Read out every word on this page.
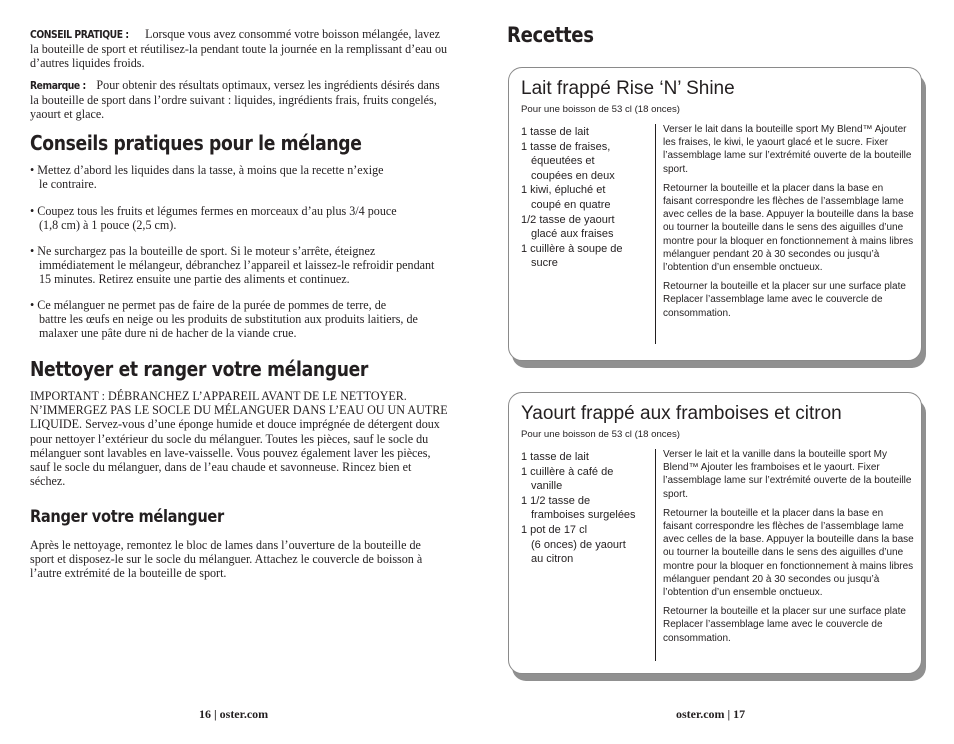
CONSEIL PRATIQUE : Lorsque vous avez consommé votre boisson mélangée, lavez la bouteille de sport et réutilisez-la pendant toute la journée en la remplissant d’eau ou d’autres liquides froids.

Remarque : Pour obtenir des résultats optimaux, versez les ingrédients désirés dans la bouteille de sport dans l’ordre suivant : liquides, ingrédients frais, fruits congelés, yaourt et glace.

Conseils pratiques pour le mélange

• Mettez d’abord les liquides dans la tasse, à moins que la recette n’exige
le contraire.

• Coupez tous les fruits et légumes fermes en morceaux d’au plus 3/4 pouce
(1,8 cm) à 1 pouce (2,5 cm).

• Ne surchargez pas la bouteille de sport. Si le moteur s’arrête, éteignez
immédiatement le mélangeur, débranchez l’appareil et laissez-le refroidir pendant 15 minutes. Retirez ensuite une partie des aliments et continuez.

• Ce mélanguer ne permet pas de faire de la purée de pommes de terre, de
battre les œufs en neige ou les produits de substitution aux produits laitiers, de malaxer une pâte dure ni de hacher de la viande crue.

Nettoyer et ranger votre mélanguer

IMPORTANT : DÉBRANCHEZ L’APPAREIL AVANT DE LE NETTOYER. N’IMMERGEZ PAS LE SOCLE DU MÉLANGUER DANS L’EAU OU UN AUTRE LIQUIDE. Servez-vous d’une éponge humide et douce imprégnée de détergent doux pour nettoyer l’extérieur du socle du mélanguer. Toutes les pièces, sauf le socle du mélanguer sont lavables en lave-vaisselle. Vous pouvez également laver les pièces, sauf le socle du mélanguer, dans de l’eau chaude et savonneuse. Rincez bien et séchez.

Ranger votre mélanguer

Après le nettoyage, remontez le bloc de lames dans l’ouverture de la bouteille de sport et disposez-le sur le socle du mélanguer. Attachez le couvercle de boisson à l’autre extrémité de la bouteille de sport.

16 | oster.com
Recettes
Lait frappé Rise ‘N’ Shine
Pour une boisson de 53 cl (18 onces)
1 tasse de lait
1 tasse de fraises,
équeutées et
coupées en deux
1 kiwi, épluché et
coupé en quatre
1/2 tasse de yaourt
glacé aux fraises
1 cuillère à soupe de
sucre

Verser le lait dans la bouteille sport My Blend™ Ajouter les fraises, le kiwi, le yaourt glacé et le sucre. Fixer l’assemblage lame sur l’extrémité ouverte de la bouteille sport.

Retourner la bouteille et la placer dans la base en faisant correspondre les flèches de l’assemblage lame avec celles de la base. Appuyer la bouteille dans la base ou tourner la bouteille dans le sens des aiguilles d’une montre pour la bloquer en fonctionnement à mains libres mélanguer pendant 20 à 30 secondes ou jusqu’à l’obtention d’un ensemble onctueux.

Retourner la bouteille et la placer sur une surface plate Replacer l’assemblage lame avec le couvercle de consommation.

Yaourt frappé aux framboises et citron
Pour une boisson de 53 cl (18 onces)
1 tasse de lait
1 cuillère à café de
vanille
1 1/2 tasse de
framboises surgelées
1 pot de 17 cl
(6 onces) de yaourt
au citron

Verser le lait et la vanille dans la bouteille sport My Blend™ Ajouter les framboises et le yaourt. Fixer l’assemblage lame sur l’extrémité ouverte de la bouteille sport.

Retourner la bouteille et la placer dans la base en faisant correspondre les flèches de l’assemblage lame avec celles de la base. Appuyer la bouteille dans la base ou tourner la bouteille dans le sens des aiguilles d’une montre pour la bloquer en fonctionnement à mains libres mélanguer pendant 20 à 30 secondes ou jusqu’à l’obtention d’un ensemble onctueux.

Retourner la bouteille et la placer sur une surface plate Replacer l’assemblage lame avec le couvercle de consommation.

oster.com | 17
